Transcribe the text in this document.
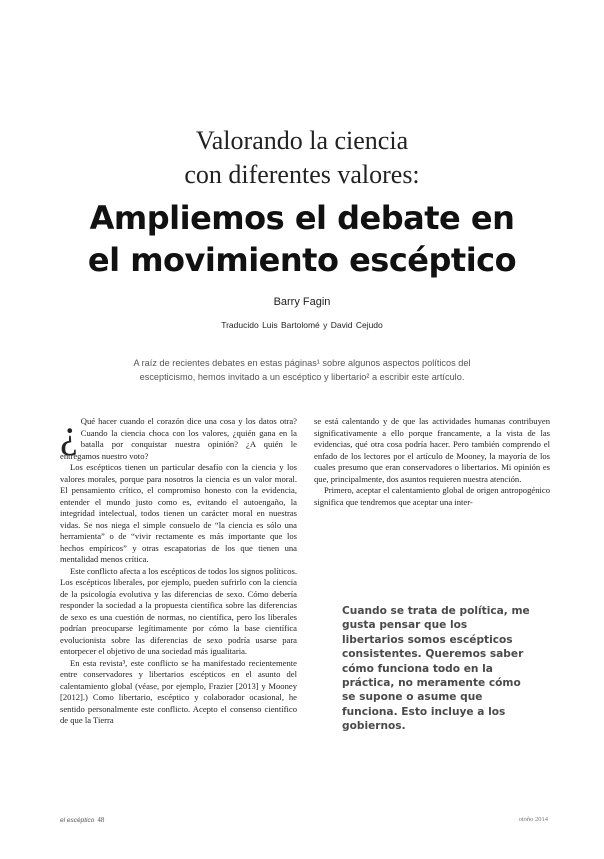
Valorando la ciencia
con diferentes valores:
Ampliemos el debate en
el movimiento escéptico
Barry Fagin
Traducido Luis Bartolomé y David Cejudo
A raíz de recientes debates en estas páginas¹ sobre algunos aspectos políticos del escepticismo, hemos invitado a un escéptico y libertario² a escribir este artículo.

¿ Qué hacer cuando el corazón dice una cosa y los datos otra? Cuando la ciencia choca con los valores, ¿quién gana en la batalla por conquistar nuestra opinión? ¿A quién le entregamos nuestro voto?

Los escépticos tienen un particular desafío con la ciencia y los valores morales, porque para nosotros la ciencia es un valor moral. El pensamiento crítico, el compromiso honesto con la evidencia, entender el mundo justo como es, evitando el autoengaño, la integridad intelectual, todos tienen un carácter moral en nuestras vidas. Se nos niega el simple consuelo de “la ciencia es sólo una herramienta” o de “vivir rectamente es más importante que los hechos empíricos” y otras escapatorias de los que tienen una mentalidad menos crítica.

Este conflicto afecta a los escépticos de todos los signos políticos. Los escépticos liberales, por ejemplo, pueden sufrirlo con la ciencia de la psicología evolutiva y las diferencias de sexo. Cómo debería responder la sociedad a la propuesta científica sobre las diferencias de sexo es una cuestión de normas, no científica, pero los liberales podrían preocuparse legítimamente por cómo la base científica evolucionista sobre las diferencias de sexo podría usarse para entorpecer el objetivo de una sociedad más igualitaria.

En esta revista³, este conflicto se ha manifestado recientemente entre conservadores y libertarios escépticos en el asunto del calentamiento global (véase, por ejemplo, Frazier [2013] y Mooney [2012].) Como libertario, escéptico y colaborador ocasional, he sentido personalmente este conflicto. Acepto el consenso científico de que la Tierra

se está calentando y de que las actividades humanas contribuyen significativamente a ello porque francamente, a la vista de las evidencias, qué otra cosa podría hacer. Pero también comprendo el enfado de los lectores por el artículo de Mooney, la mayoría de los cuales presumo que eran conservadores o libertarios. Mi opinión es que, principalmente, dos asuntos requieren nuestra atención.

Primero, aceptar el calentamiento global de origen antropogénico significa que tendremos que aceptar una inter-

Cuando se trata de política, me gusta pensar que los libertarios somos escépticos consistentes. Queremos saber cómo funciona todo en la práctica, no meramente cómo se supone o asume que funciona. Esto incluye a los gobiernos.
el escéptico 48	otoño 2014
